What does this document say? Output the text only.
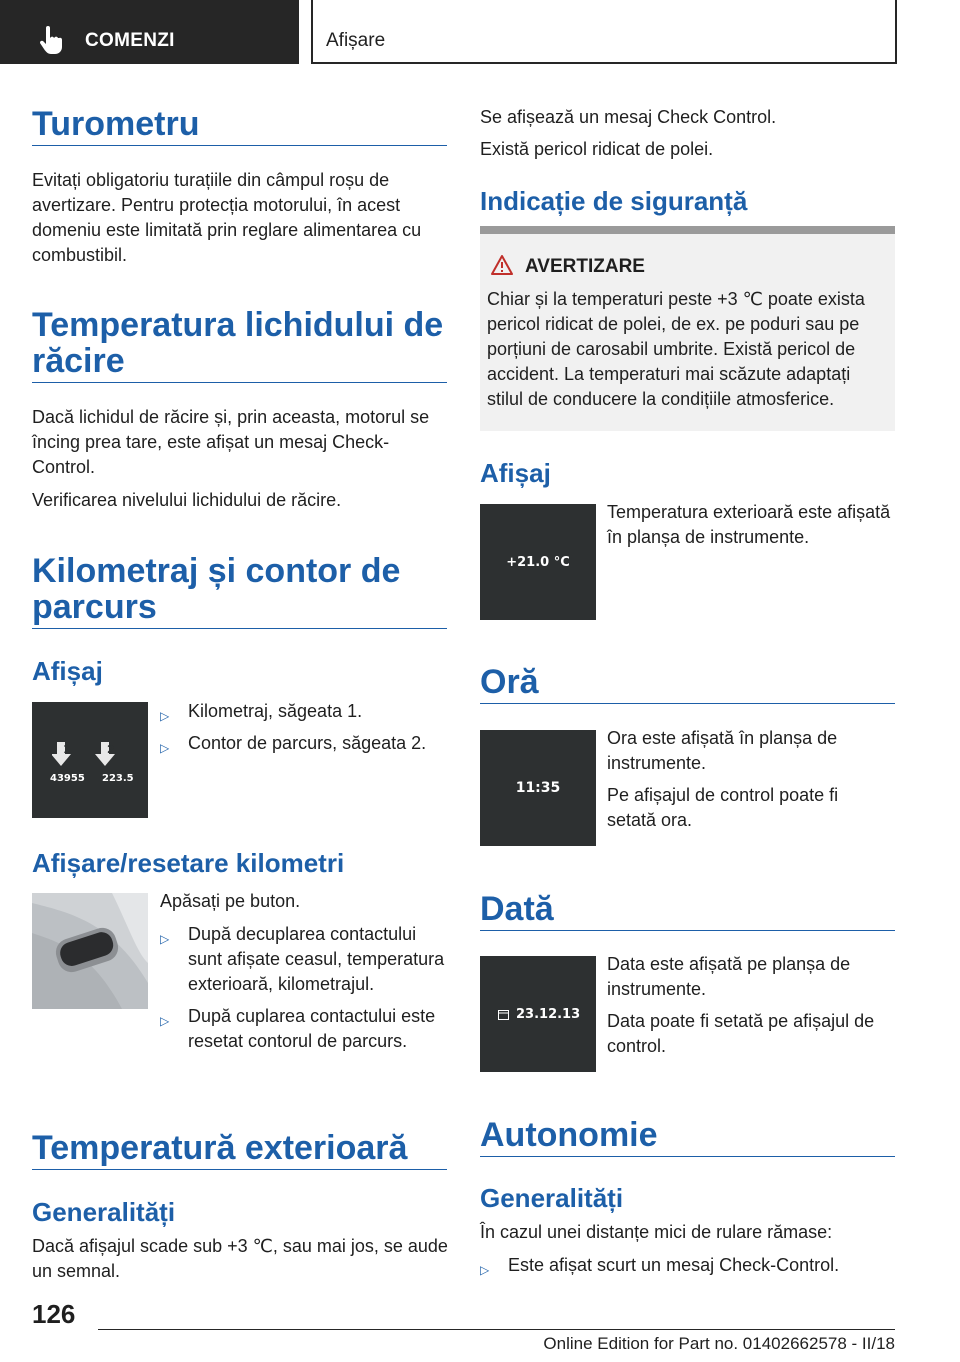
COMENZI	Afișare
Turometru

Evitați obligatoriu turațiile din câmpul roșu de avertizare. Pentru protecția motorului, în acest domeniu este limitată prin reglare alimentarea cu combustibil.

Temperatura lichidului de
răcire

Dacă lichidul de răcire și, prin aceasta, motorul se încing prea tare, este afișat un mesaj Check-Control.

Verificarea nivelului lichidului de răcire.

Kilometraj și contor de
parcurs
Afișaj
1	2
43955 223.5
▷ Kilometraj, săgeata 1.
▷ Contor de parcurs, săgeata 2.
Afișare/resetare kilometri

Apăsați pe buton.

▷ După decuplarea contactului sunt afișate ceasul, temperatura exterioară, kilometrajul.
▷ După cuplarea contactului este resetat contorul de parcurs.
Temperatură exterioară
Generalități

Dacă afișajul scade sub +3 ℃, sau mai jos, se aude un semnal.

Se afișează un mesaj Check Control.

Există pericol ridicat de polei.

Indicație de siguranță
AVERTIZARE

Chiar și la temperaturi peste +3 ℃ poate exista pericol ridicat de polei, de ex. pe poduri sau pe porțiuni de carosabil umbrite. Există pericol de accident. La temperaturi mai scăzute adaptați stilul de conducere la condițiile atmosferice.

Afișaj
+21.0 °C

Temperatura exterioară este afișată în planșa de instrumente.

Oră
11:35

Ora este afișată în planșa de instrumente.

Pe afișajul de control poate fi setată ora.

Dată
23.12.13

Data este afișată pe planșa de instrumente.

Data poate fi setată pe afișajul de control.

Autonomie
Generalități

În cazul unei distanțe mici de rulare rămase:

▷ Este afișat scurt un mesaj Check-Control.
126
Online Edition for Part no. 01402662578 - II/18
